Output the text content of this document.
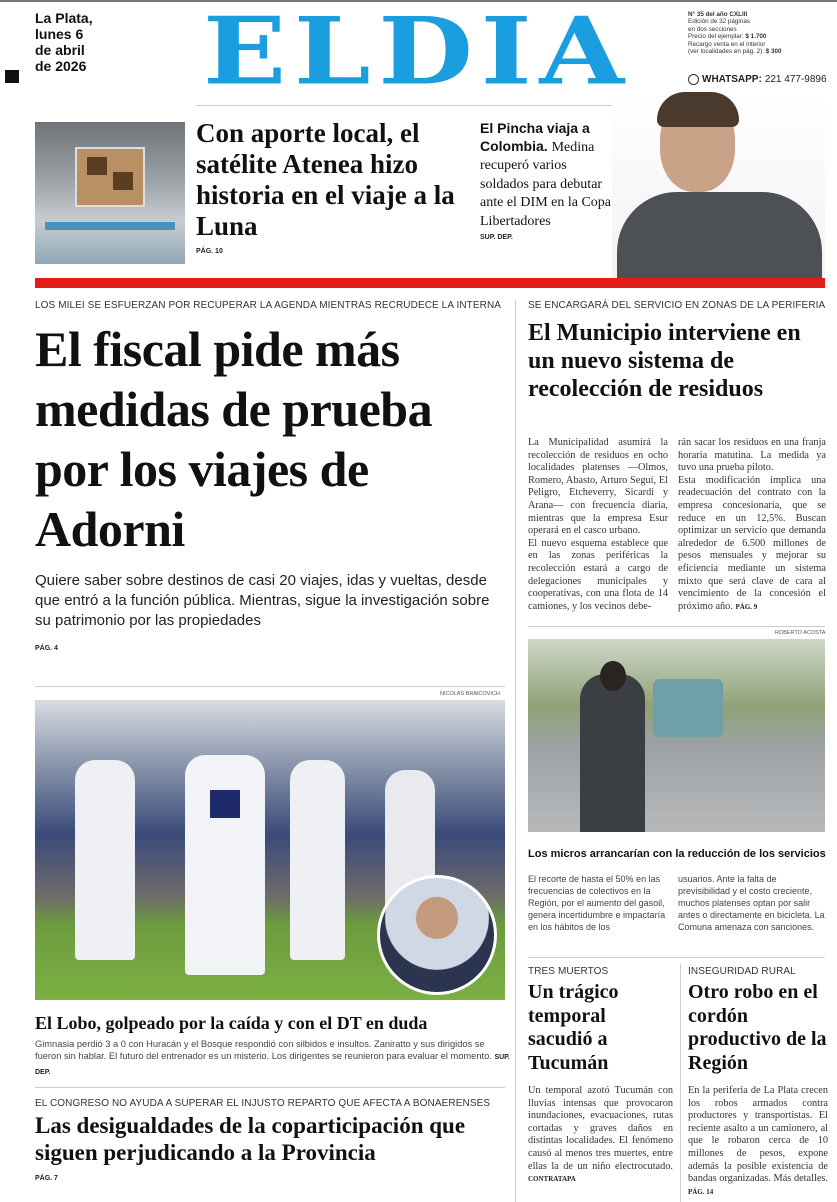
La Plata,
lunes 6
de abril
de 2026 ELDIA	N° 35 del año CXLIII
Edición de 32 páginas
en dos secciones
Precio del ejemplar: $ 1.700
Recargo venta en el interior
(ver localidades en pág. 2): $ 300
WHATSAPP: 221 477-9896
Con aporte local, el satélite Atenea hizo historia en el viaje a la Luna
PÁG. 10
El Pincha viaja a Colombia. Medina recuperó varios soldados para debutar ante el DIM en la Copa Libertadores
SUP. DEP.
LOS MILEI SE ESFUERZAN POR RECUPERAR LA AGENDA MIENTRAS RECRUDECE LA INTERNA
El fiscal pide más medidas de prueba por los viajes de Adorni
Quiere saber sobre destinos de casi 20 viajes, idas y vueltas, desde que entró a la función pública. Mientras, sigue la investigación sobre su patrimonio por las propiedades
PÁG. 4
NICOLÁS BRAICOVICH
El Lobo, golpeado por la caída y con el DT en duda
Gimnasia perdió 3 a 0 con Huracán y el Bosque respondió con silbidos e insultos. Zaniratto y sus dirigidos se fueron sin hablar. El futuro del entrenador es un misterio. Los dirigentes se reunieron para evaluar el momento. SUP. DEP.
EL CONGRESO NO AYUDA A SUPERAR EL INJUSTO REPARTO QUE AFECTA A BONAERENSES
Las desigualdades de la coparticipación que siguen perjudicando a la Provincia
PÁG. 7
SE ENCARGARÁ DEL SERVICIO EN ZONAS DE LA PERIFERIA
El Municipio interviene en un nuevo sistema de recolección de residuos
La Municipalidad asumirá la recolección de residuos en ocho localidades platenses —Olmos, Romero, Abasto, Arturo Seguí, El Peligro, Etcheverry, Sicardi y Arana— con frecuencia diaria, mientras que la empresa Esur operará en el casco urbano.
El nuevo esquema establece que en las zonas periféricas la recolección estará a cargo de delegaciones municipales y cooperativas, con una flota de 14 camiones, y los vecinos debe-
rán sacar los residuos en una franja horaria matutina. La medida ya tuvo una prueba piloto.
Esta modificación implica una readecuación del contrato con la empresa concesionaria, que se reduce en un 12,5%. Buscan optimizar un servicio que demanda alrededor de 6.500 millones de pesos mensuales y mejorar su eficiencia mediante un sistema mixto que será clave de cara al vencimiento de la concesión el próximo año. PÁG. 9
ROBERTO ACOSTA
Los micros arrancarían con la reducción de los servicios
El recorte de hasta el 50% en las frecuencias de colectivos en la Región, por el aumento del gasoil, genera incertidumbre e impactaría en los hábitos de los
usuarios. Ante la falta de previsibilidad y el costo creciente, muchos platenses optan por salir antes o directamente en bicicleta. La Comuna amenaza con sanciones.
TRES MUERTOS
Un trágico temporal sacudió a Tucumán
Un temporal azotó Tucumán con lluvias intensas que provocaron inundaciones, evacuaciones, rutas cortadas y graves daños en distintas localidades. El fenómeno causó al menos tres muertes, entre ellas la de un niño electrocutado. CONTRATAPA
INSEGURIDAD RURAL
Otro robo en el cordón productivo de la Región
En la periferia de La Plata crecen los robos armados contra productores y transportistas. El reciente asalto a un camionero, al que le robaron cerca de 10 millones de pesos, expone además la posible existencia de bandas organizadas. Más detalles. PÁG. 14
